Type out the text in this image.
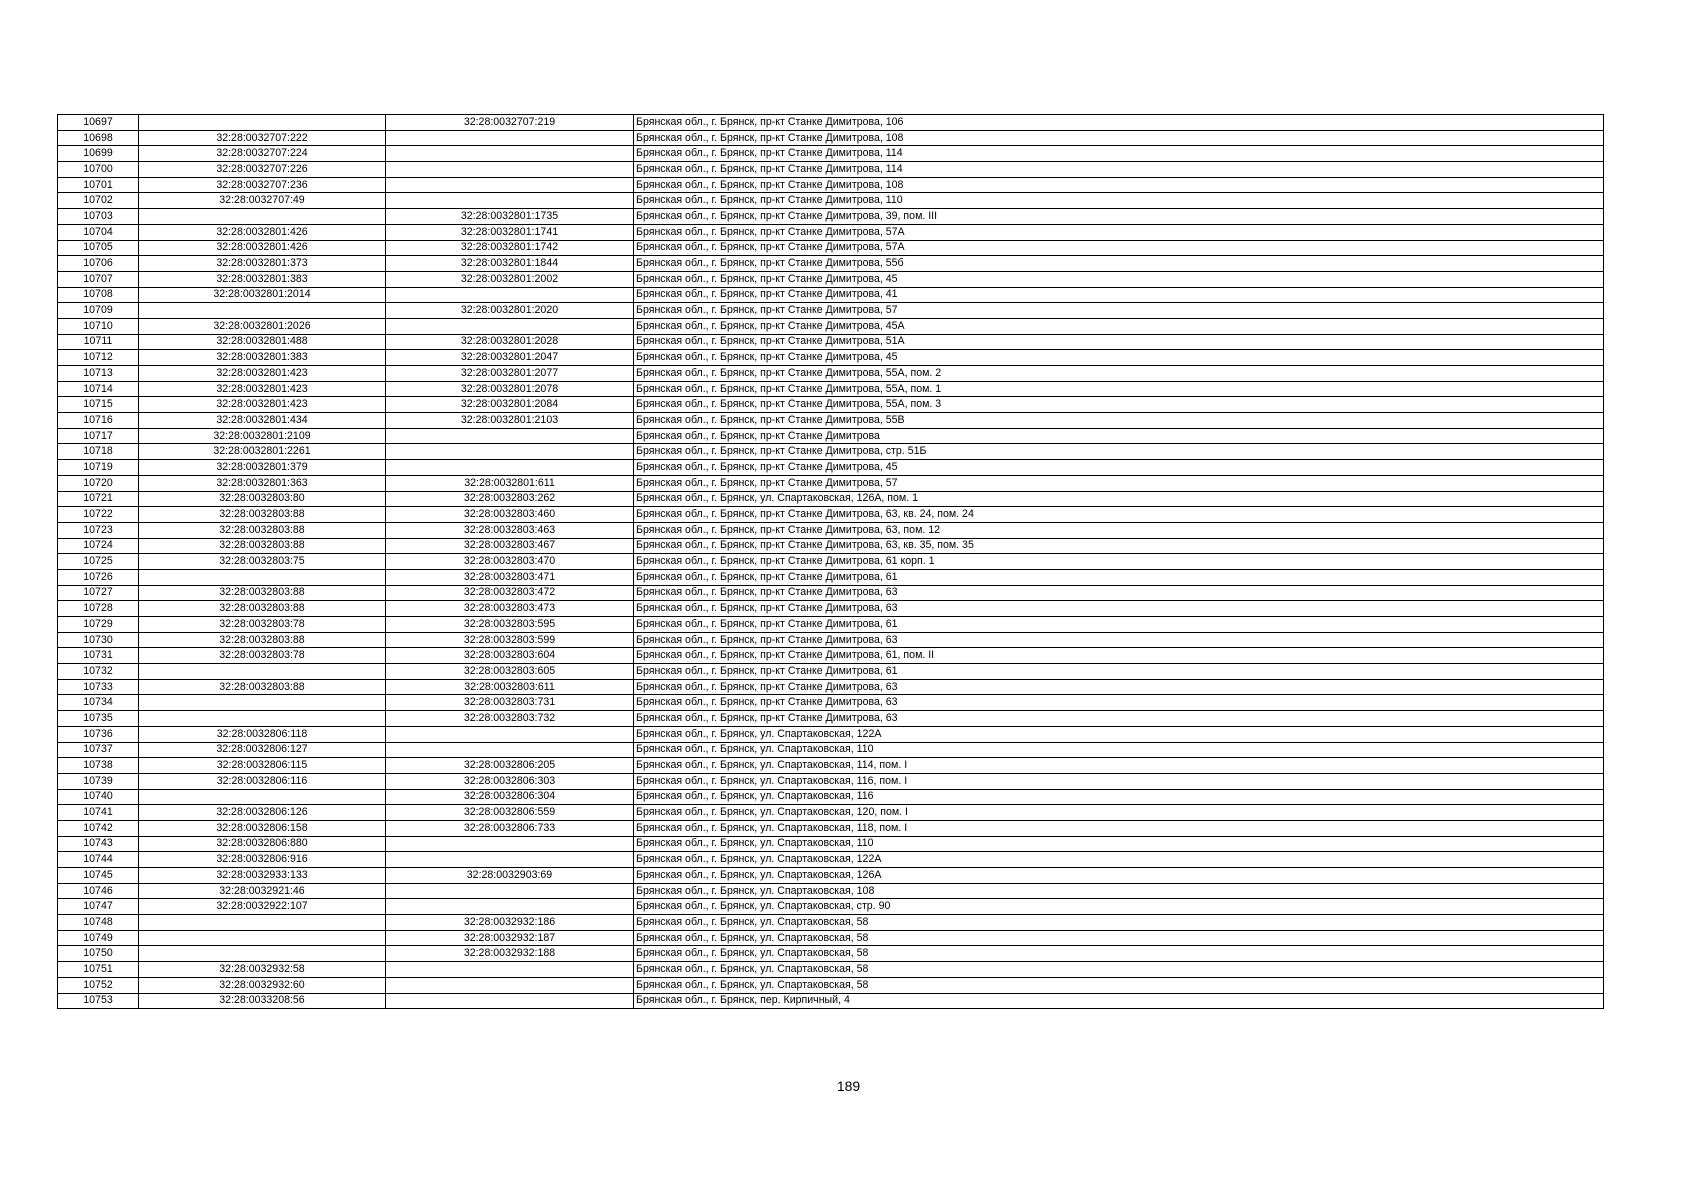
10697		32:28:0032707:219	Брянская обл., г. Брянск, пр-кт Станке Димитрова, 106
10698	32:28:0032707:222		Брянская обл., г. Брянск, пр-кт Станке Димитрова, 108
10699	32:28:0032707:224		Брянская обл., г. Брянск, пр-кт Станке Димитрова, 114
10700	32:28:0032707:226		Брянская обл., г. Брянск, пр-кт Станке Димитрова, 114
10701	32:28:0032707:236		Брянская обл., г. Брянск, пр-кт Станке Димитрова, 108
10702	32:28:0032707:49		Брянская обл., г. Брянск, пр-кт Станке Димитрова, 110
10703		32:28:0032801:1735	Брянская обл., г. Брянск, пр-кт Станке Димитрова, 39, пом. III
10704	32:28:0032801:426	32:28:0032801:1741	Брянская обл., г. Брянск, пр-кт Станке Димитрова, 57А
10705	32:28:0032801:426	32:28:0032801:1742	Брянская обл., г. Брянск, пр-кт Станке Димитрова, 57А
10706	32:28:0032801:373	32:28:0032801:1844	Брянская обл., г. Брянск, пр-кт Станке Димитрова, 55б
10707	32:28:0032801:383	32:28:0032801:2002	Брянская обл., г. Брянск, пр-кт Станке Димитрова, 45
10708	32:28:0032801:2014		Брянская обл., г. Брянск, пр-кт Станке Димитрова, 41
10709		32:28:0032801:2020	Брянская обл., г. Брянск, пр-кт Станке Димитрова, 57
10710	32:28:0032801:2026		Брянская обл., г. Брянск, пр-кт Станке Димитрова, 45А
10711	32:28:0032801:488	32:28:0032801:2028	Брянская обл., г. Брянск, пр-кт Станке Димитрова, 51А
10712	32:28:0032801:383	32:28:0032801:2047	Брянская обл., г. Брянск, пр-кт Станке Димитрова, 45
10713	32:28:0032801:423	32:28:0032801:2077	Брянская обл., г. Брянск, пр-кт Станке Димитрова, 55А, пом. 2
10714	32:28:0032801:423	32:28:0032801:2078	Брянская обл., г. Брянск, пр-кт Станке Димитрова, 55А, пом. 1
10715	32:28:0032801:423	32:28:0032801:2084	Брянская обл., г. Брянск, пр-кт Станке Димитрова, 55А, пом. 3
10716	32:28:0032801:434	32:28:0032801:2103	Брянская обл., г. Брянск, пр-кт Станке Димитрова, 55В
10717	32:28:0032801:2109		Брянская обл., г. Брянск, пр-кт Станке Димитрова
10718	32:28:0032801:2261		Брянская обл., г. Брянск, пр-кт Станке Димитрова, стр. 51Б
10719	32:28:0032801:379		Брянская обл., г. Брянск, пр-кт Станке Димитрова, 45
10720	32:28:0032801:363	32:28:0032801:611	Брянская обл., г. Брянск, пр-кт Станке Димитрова, 57
10721	32:28:0032803:80	32:28:0032803:262	Брянская обл., г. Брянск, ул. Спартаковская, 126А, пом. 1
10722	32:28:0032803:88	32:28:0032803:460	Брянская обл., г. Брянск, пр-кт Станке Димитрова, 63, кв. 24, пом. 24
10723	32:28:0032803:88	32:28:0032803:463	Брянская обл., г. Брянск, пр-кт Станке Димитрова, 63, пом. 12
10724	32:28:0032803:88	32:28:0032803:467	Брянская обл., г. Брянск, пр-кт Станке Димитрова, 63, кв. 35, пом. 35
10725	32:28:0032803:75	32:28:0032803:470	Брянская обл., г. Брянск, пр-кт Станке Димитрова, 61 корп. 1
10726		32:28:0032803:471	Брянская обл., г. Брянск, пр-кт Станке Димитрова, 61
10727	32:28:0032803:88	32:28:0032803:472	Брянская обл., г. Брянск, пр-кт Станке Димитрова, 63
10728	32:28:0032803:88	32:28:0032803:473	Брянская обл., г. Брянск, пр-кт Станке Димитрова, 63
10729	32:28:0032803:78	32:28:0032803:595	Брянская обл., г. Брянск, пр-кт Станке Димитрова, 61
10730	32:28:0032803:88	32:28:0032803:599	Брянская обл., г. Брянск, пр-кт Станке Димитрова, 63
10731	32:28:0032803:78	32:28:0032803:604	Брянская обл., г. Брянск, пр-кт Станке Димитрова, 61, пом. II
10732		32:28:0032803:605	Брянская обл., г. Брянск, пр-кт Станке Димитрова, 61
10733	32:28:0032803:88	32:28:0032803:611	Брянская обл., г. Брянск, пр-кт Станке Димитрова, 63
10734		32:28:0032803:731	Брянская обл., г. Брянск, пр-кт Станке Димитрова, 63
10735		32:28:0032803:732	Брянская обл., г. Брянск, пр-кт Станке Димитрова, 63
10736	32:28:0032806:118		Брянская обл., г. Брянск, ул. Спартаковская, 122А
10737	32:28:0032806:127		Брянская обл., г. Брянск, ул. Спартаковская, 110
10738	32:28:0032806:115	32:28:0032806:205	Брянская обл., г. Брянск, ул. Спартаковская, 114, пом. I
10739	32:28:0032806:116	32:28:0032806:303	Брянская обл., г. Брянск, ул. Спартаковская, 116, пом. I
10740		32:28:0032806:304	Брянская обл., г. Брянск, ул. Спартаковская, 116
10741	32:28:0032806:126	32:28:0032806:559	Брянская обл., г. Брянск, ул. Спартаковская, 120, пом. I
10742	32:28:0032806:158	32:28:0032806:733	Брянская обл., г. Брянск, ул. Спартаковская, 118, пом. I
10743	32:28:0032806:880		Брянская обл., г. Брянск, ул. Спартаковская, 110
10744	32:28:0032806:916		Брянская обл., г. Брянск, ул. Спартаковская, 122А
10745	32:28:0032933:133	32:28:0032903:69	Брянская обл., г. Брянск, ул. Спартаковская, 126А
10746	32:28:0032921:46		Брянская обл., г. Брянск, ул. Спартаковская, 108
10747	32:28:0032922:107		Брянская обл., г. Брянск, ул. Спартаковская, стр. 90
10748		32:28:0032932:186	Брянская обл., г. Брянск, ул. Спартаковская, 58
10749		32:28:0032932:187	Брянская обл., г. Брянск, ул. Спартаковская, 58
10750		32:28:0032932:188	Брянская обл., г. Брянск, ул. Спартаковская, 58
10751	32:28:0032932:58		Брянская обл., г. Брянск, ул. Спартаковская, 58
10752	32:28:0032932:60		Брянская обл., г. Брянск, ул. Спартаковская, 58
10753	32:28:0033208:56		Брянская обл., г. Брянск, пер. Кирпичный, 4
189
